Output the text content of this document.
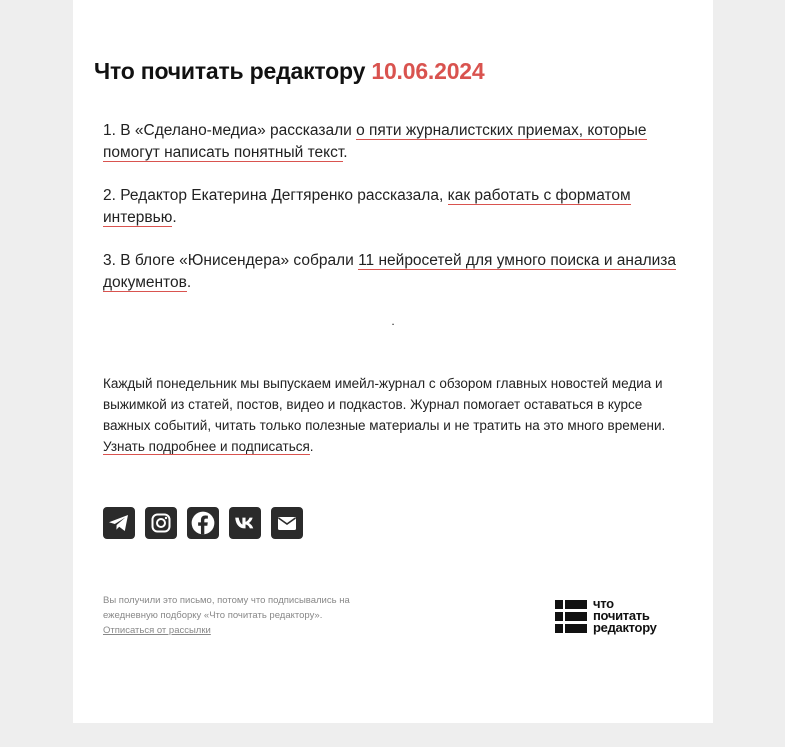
Что почитать редактору 10.06.2024

1. В «Сделано-медиа» рассказали о пяти журналистских приемах, которые помогут написать понятный текст.

2. Редактор Екатерина Дегтяренко рассказала, как работать с форматом интервью.

3. В блоге «Юнисендера» собрали 11 нейросетей для умного поиска и анализа документов.

.

Каждый понедельник мы выпускаем имейл-журнал с обзором главных новостей медиа и выжимкой из статей, постов, видео и подкастов. Журнал помогает оставаться в курсе важных событий, читать только полезные материалы и не тратить на это много времени. Узнать подробнее и подписаться.

Вы получили это письмо, потому что подписывались на ежедневную подборку «Что почитать редактору».
Отписаться от рассылки
что
почитать
редактору
